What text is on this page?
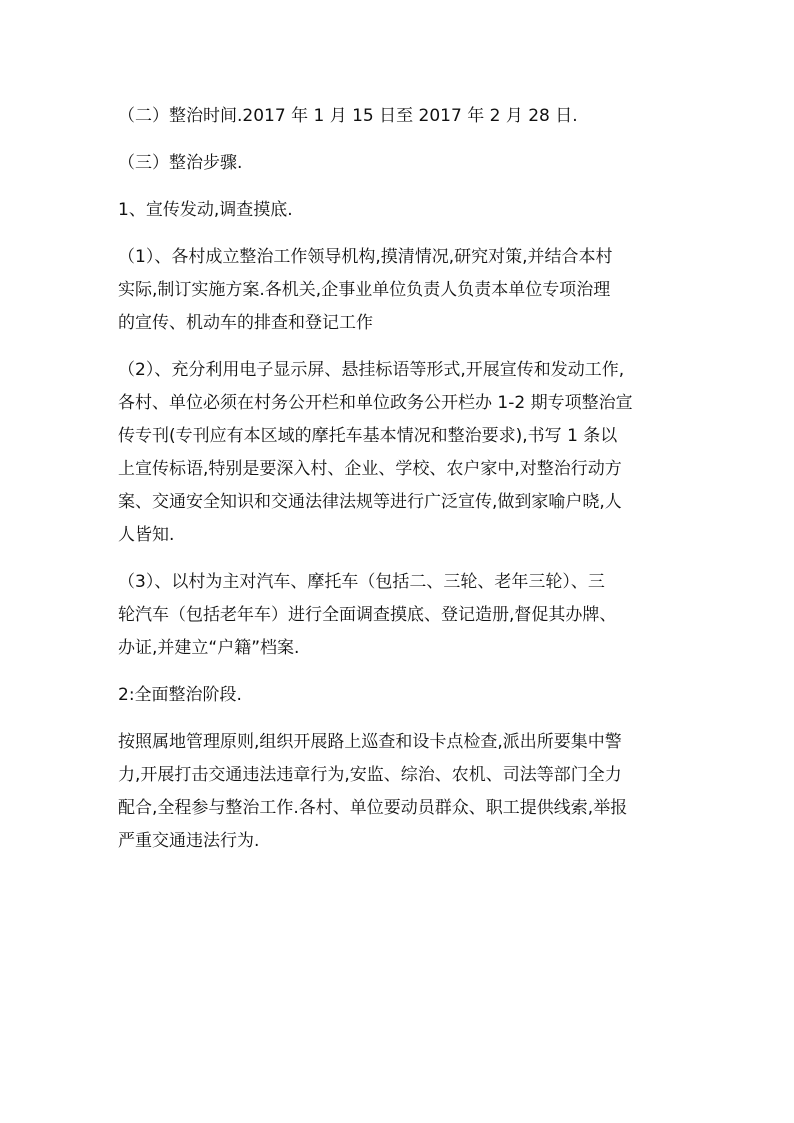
（二）整治时间.2017 年 1 月 15 日至 2017 年 2 月 28 日.

（三）整治步骤.

1、宣传发动,调查摸底.

（1）、各村成立整治工作领导机构,摸清情况,研究对策,并结合本村
实际,制订实施方案.各机关,企事业单位负责人负责本单位专项治理
的宣传、机动车的排查和登记工作

（2）、充分利用电子显示屏、悬挂标语等形式,开展宣传和发动工作,
各村、单位必须在村务公开栏和单位政务公开栏办 1-2 期专项整治宣
传专刊(专刊应有本区域的摩托车基本情况和整治要求),书写 1 条以
上宣传标语,特别是要深入村、企业、学校、农户家中,对整治行动方
案、交通安全知识和交通法律法规等进行广泛宣传,做到家喻户晓,人
人皆知.

（3）、以村为主对汽车、摩托车（包括二、三轮、老年三轮）、三
轮汽车（包括老年车）进行全面调查摸底、登记造册,督促其办牌、
办证,并建立“户籍”档案.

2:全面整治阶段.

按照属地管理原则,组织开展路上巡查和设卡点检查,派出所要集中警
力,开展打击交通违法违章行为,安监、综治、农机、司法等部门全力
配合,全程参与整治工作.各村、单位要动员群众、职工提供线索,举报
严重交通违法行为.
